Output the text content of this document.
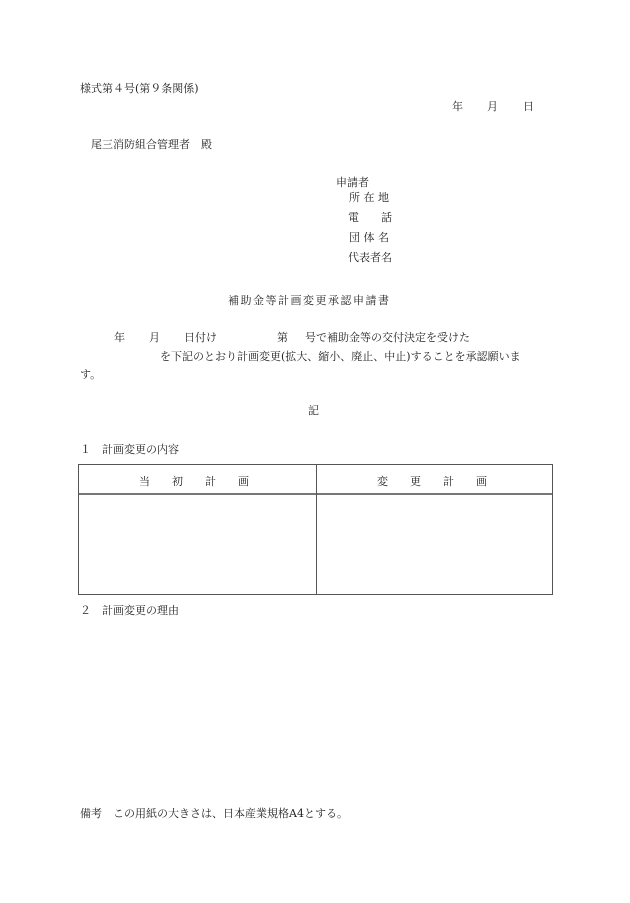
様式第４号(第９条関係)
年 月 日
尾三消防組合管理者　殿
申請者
所 在 地
電　　話
団 体 名
代表者名
補助金等計画変更承認申請書
年 月 日付け	第 号で補助金等の交付決定を受けた
を下記のとおり計画変更(拡大、縮小、廃止、中止)することを承認願いま
す。
記
１　計画変更の内容
当初計画	変更計画
２　計画変更の理由
備考　この用紙の大きさは、日本産業規格A4とする。
